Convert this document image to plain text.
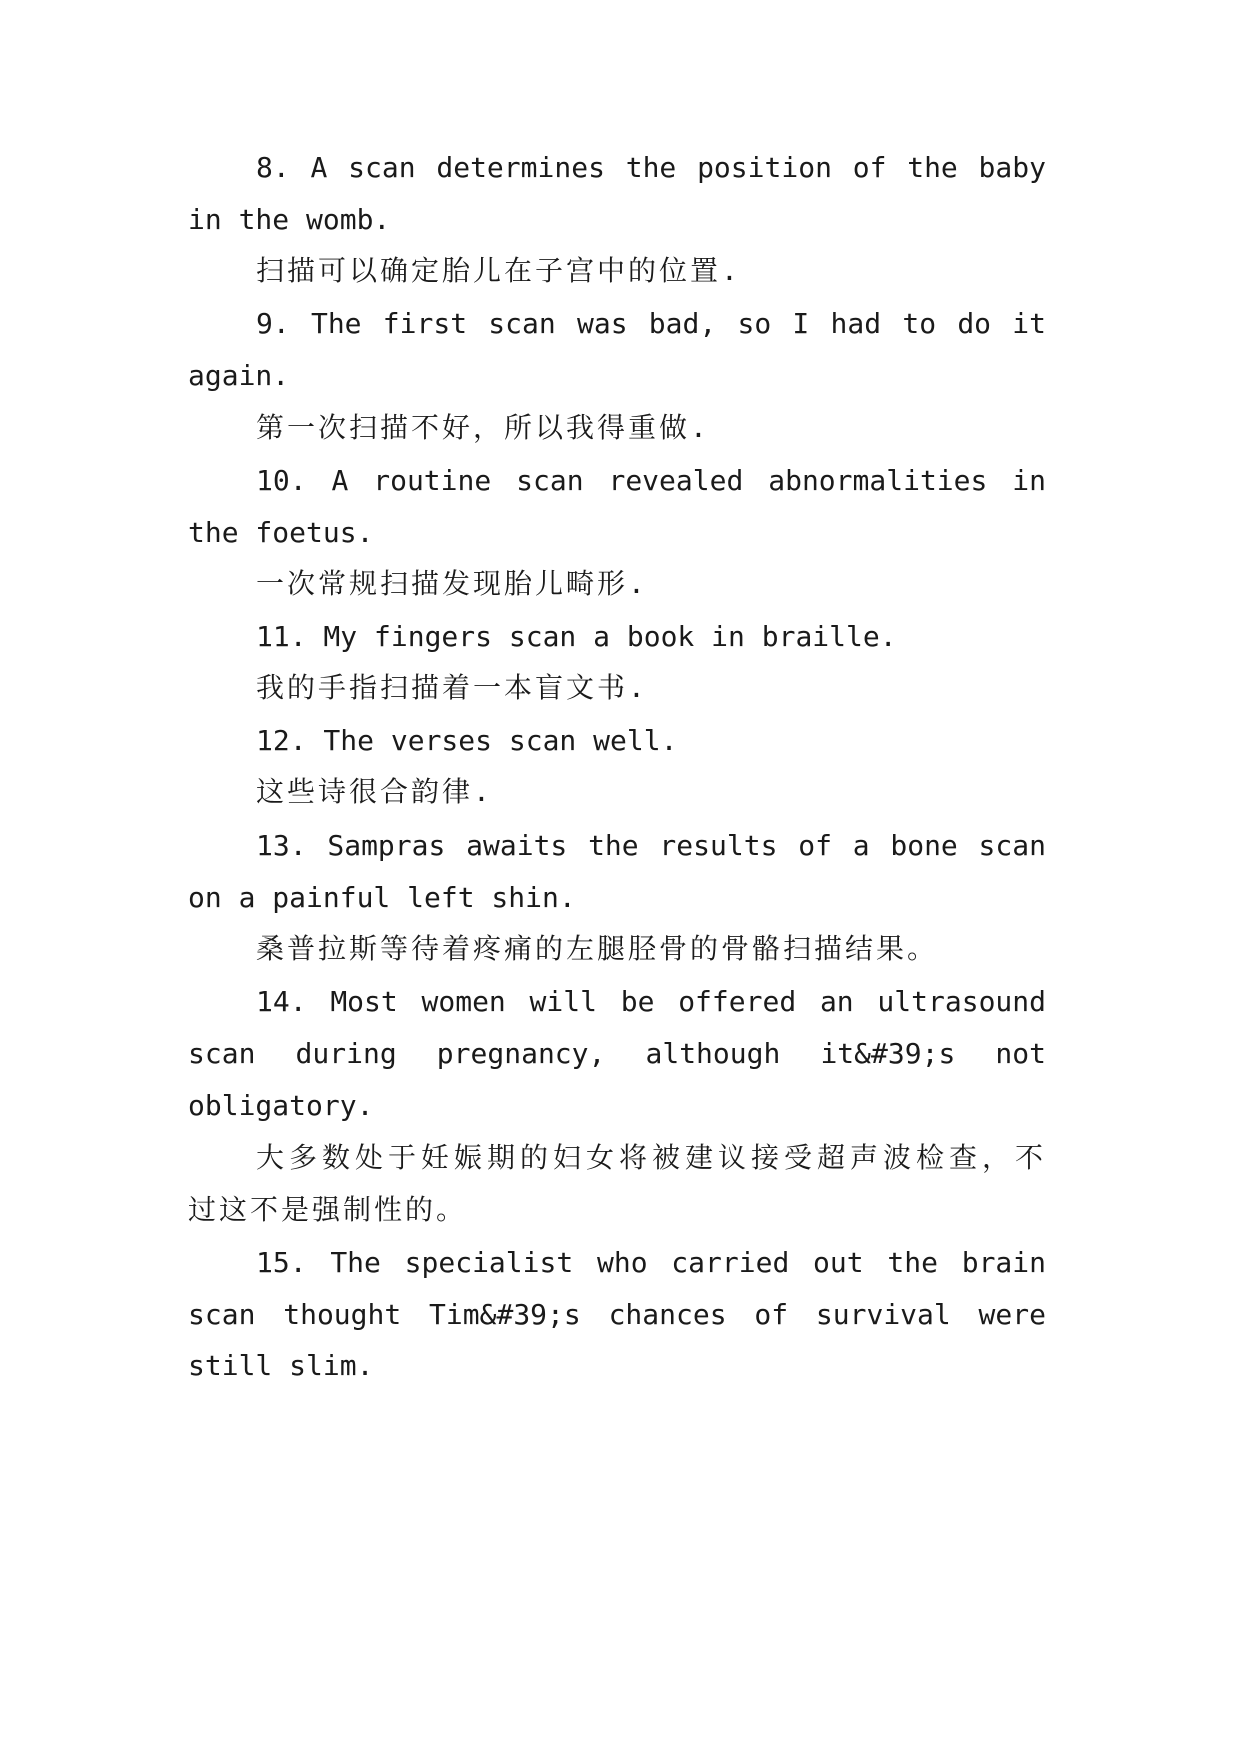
8. A scan determines the position of the baby
in the womb.
扫描可以确定胎儿在子宫中的位置.
9. The first scan was bad, so I had to do it
again.
第一次扫描不好，所以我得重做.
10. A routine scan revealed abnormalities in
the foetus.
一次常规扫描发现胎儿畸形.
11. My fingers scan a book in braille.
我的手指扫描着一本盲文书.
12. The verses scan well.
这些诗很合韵律.
13. Sampras awaits the results of a bone scan
on a painful left shin.
桑普拉斯等待着疼痛的左腿胫骨的骨骼扫描结果。
14. Most women will be offered an ultrasound
scan during pregnancy, although it&#39;s not
obligatory.
大多数处于妊娠期的妇女将被建议接受超声波检查，不
过这不是强制性的。
15. The specialist who carried out the brain
scan thought Tim&#39;s chances of survival were
still slim.
